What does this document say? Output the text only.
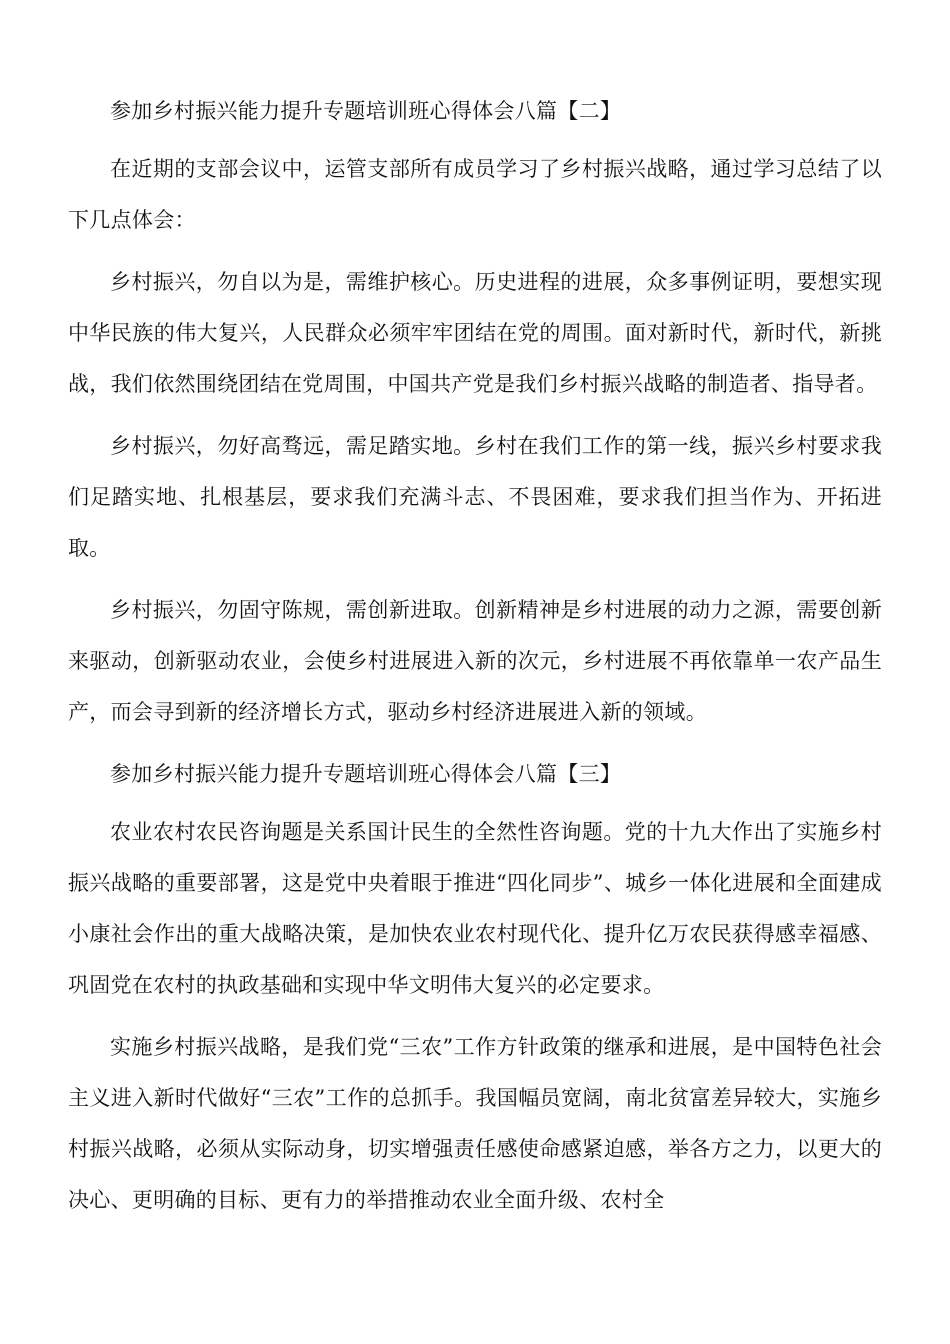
参加乡村振兴能力提升专题培训班心得体会八篇【二】

在近期的支部会议中，运管支部所有成员学习了乡村振兴战略，通过学习总结了以下几点体会：

乡村振兴，勿自以为是，需维护核心。历史进程的进展，众多事例证明，要想实现中华民族的伟大复兴，人民群众必须牢牢团结在党的周围。面对新时代，新时代，新挑战，我们依然围绕团结在党周围，中国共产党是我们乡村振兴战略的制造者、指导者。

乡村振兴，勿好高骛远，需足踏实地。乡村在我们工作的第一线，振兴乡村要求我们足踏实地、扎根基层，要求我们充满斗志、不畏困难，要求我们担当作为、开拓进取。

乡村振兴，勿固守陈规，需创新进取。创新精神是乡村进展的动力之源，需要创新来驱动，创新驱动农业，会使乡村进展进入新的次元，乡村进展不再依靠单一农产品生产，而会寻到新的经济增长方式，驱动乡村经济进展进入新的领域。

参加乡村振兴能力提升专题培训班心得体会八篇【三】

农业农村农民咨询题是关系国计民生的全然性咨询题。党的十九大作出了实施乡村振兴战略的重要部署，这是党中央着眼于推进“四化同步”、城乡一体化进展和全面建成小康社会作出的重大战略决策，是加快农业农村现代化、提升亿万农民获得感幸福感、巩固党在农村的执政基础和实现中华文明伟大复兴的必定要求。

实施乡村振兴战略，是我们党“三农”工作方针政策的继承和进展，是中国特色社会主义进入新时代做好“三农”工作的总抓手。我国幅员宽阔，南北贫富差异较大，实施乡村振兴战略，必须从实际动身，切实增强责任感使命感紧迫感，举各方之力，以更大的决心、更明确的目标、更有力的举措推动农业全面升级、农村全
